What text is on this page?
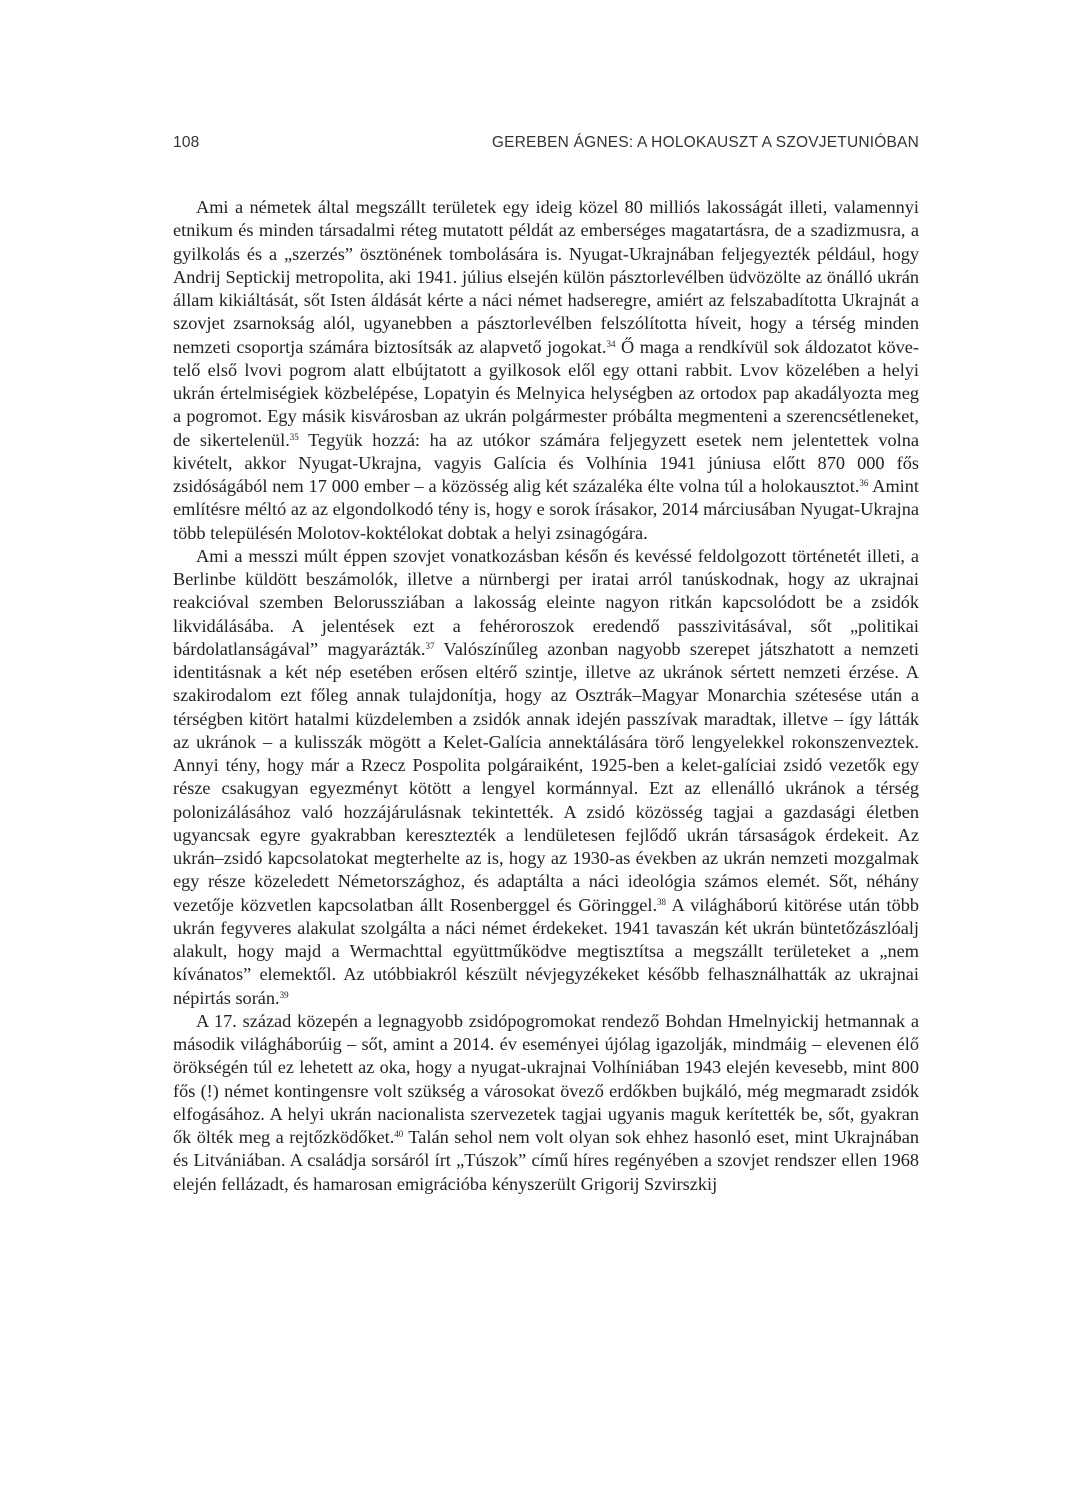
108	GEREBEN ÁGNES: A HOLOKAUSZT A SZOVJETUNIÓBAN

Ami a németek által megszállt területek egy ideig közel 80 milliós lakosságát illeti, valamennyi etnikum és minden társadalmi réteg mutatott példát az emberséges magatartásra, de a szadizmusra, a gyilkolás és a „szerzés” ösztönének tombolására is. Nyugat-Ukrajnában feljegyezték például, hogy Andrij Septickij metropolita, aki 1941. július elsején külön pásztorlevélben üdvözölte az önálló ukrán állam kikiáltását, sőt Isten áldását kérte a náci német hadseregre, amiért az felszabadította Ukrajnát a szovjet zsarnokság alól, ugyanebben a pásztorlevélben felszólította híveit, hogy a térség minden nemzeti csoportja számára biztosítsák az alapvető jogokat.$^{34}$ Ő maga a rendkívül sok áldozatot követelő első lvovi pogrom alatt elbújtatott a gyilkosok elől egy ottani rabbit. Lvov közelében a helyi ukrán értelmiségiek közbelépése, Lopatyin és Melnyica helységben az ortodox pap akadályozta meg a pogromot. Egy másik kisvárosban az ukrán polgármester próbálta megmenteni a szerencsétleneket, de sikertelenül.$^{35}$ Tegyük hozzá: ha az utókor számára feljegyzett esetek nem jelentettek volna kivételt, akkor Nyugat-Ukrajna, vagyis Galícia és Volhínia 1941 júniusa előtt 870 000 fős zsidóságából nem 17 000 ember – a közösség alig két százaléka élte volna túl a holokausztot.$^{36}$ Amint említésre méltó az az elgondolkodó tény is, hogy e sorok írásakor, 2014 márciusában Nyugat-Ukrajna több településén Molotov-koktélokat dobtak a helyi zsinagógára.

Ami a messzi múlt éppen szovjet vonatkozásban későn és kevéssé feldolgozott történetét illeti, a Berlinbe küldött beszámolók, illetve a nürnbergi per iratai arról tanúskodnak, hogy az ukrajnai reakcióval szemben Belorussziában a lakosság eleinte nagyon ritkán kapcsolódott be a zsidók likvidálásába. A jelentések ezt a fehéroroszok eredendő passzivitásával, sőt „politikai bárdolatlanságával” magyarázták.$^{37}$ Valószínűleg azonban nagyobb szerepet játszhatott a nemzeti identitásnak a két nép esetében erősen eltérő szintje, illetve az ukránok sértett nemzeti érzése. A szakirodalom ezt főleg annak tulajdonítja, hogy az Osztrák–Magyar Monarchia szétesése után a térségben kitört hatalmi küzdelemben a zsidók annak idején passzívak maradtak, illetve – így látták az ukránok – a kulisszák mögött a Kelet-Galícia annektálására törő lengyelekkel rokonszenveztek. Annyi tény, hogy már a Rzecz Pospolita polgáraiként, 1925-ben a kelet-galíciai zsidó vezetők egy része csakugyan egyezményt kötött a lengyel kormánnyal. Ezt az ellenálló ukránok a térség polonizálásához való hozzájárulásnak tekintették. A zsidó közösség tagjai a gazdasági életben ugyancsak egyre gyakrabban keresztezték a lendületesen fejlődő ukrán társaságok érdekeit. Az ukrán–zsidó kapcsolatokat megterhelte az is, hogy az 1930-as években az ukrán nemzeti mozgalmak egy része közeledett Németországhoz, és adaptálta a náci ideológia számos elemét. Sőt, néhány vezetője közvetlen kapcsolatban állt Rosenberggel és Göringgel.$^{38}$ A világháború kitörése után több ukrán fegyveres alakulat szolgálta a náci német érdekeket. 1941 tavaszán két ukrán büntetőzászlóalj alakult, hogy majd a Wermachttal együttműködve megtisztítsa a megszállt területeket a „nem kívánatos” elemektől. Az utóbbiakról készült névjegyzékeket később felhasználhatták az ukrajnai népirtás során.$^{39}$

A 17. század közepén a legnagyobb zsidópogromokat rendező Bohdan Hmelnyickij hetmannak a második világháborúig – sőt, amint a 2014. év eseményei újólag igazolják, mindmáig – elevenen élő örökségén túl ez lehetett az oka, hogy a nyugat-ukrajnai Volhíniában 1943 elején kevesebb, mint 800 fős (!) német kontingensre volt szükség a városokat övező erdőkben bujkáló, még megmaradt zsidók elfogásához. A helyi ukrán nacionalista szervezetek tagjai ugyanis maguk kerítették be, sőt, gyakran ők ölték meg a rejtőzködőket.$^{40}$ Talán sehol nem volt olyan sok ehhez hasonló eset, mint Ukrajnában és Litvániában. A családja sorsáról írt „Túszok” című híres regényében a szovjet rendszer ellen 1968 elején fellázadt, és hamarosan emigrációba kényszerült Grigorij Szvirszkij
